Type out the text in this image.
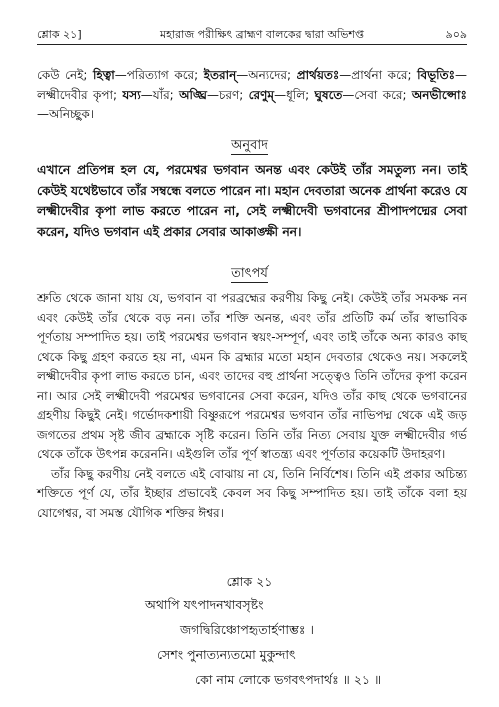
শ্লোক ২১]	মহারাজ পরীক্ষিৎ ব্রাহ্মণ বালকের দ্বারা অভিশপ্ত	৯০৯

কেউ নেই; হিত্বা—পরিত্যাগ করে; ইতরান্‌—অন্যদের; প্রার্থয়তঃ—প্রার্থনা করে; বিভূতিঃ—লক্ষ্মীদেবীর কৃপা; যস্য—যাঁর; অঙ্ঘ্রি—চরণ; রেণুম্—ধূলি; ঘুষতে—সেবা করে; অনভীপ্সোঃ—অনিচ্ছুক।

অনুবাদ

এখানে প্রতিপন্ন হল যে, পরমেশ্বর ভগবান অনন্ত এবং কেউই তাঁর সমতুল্য নন। তাই কেউই যথেষ্টভাবে তাঁর সম্বন্ধে বলতে পারেন না। মহান দেবতারা অনেক প্রার্থনা করেও যে লক্ষ্মীদেবীর কৃপা লাভ করতে পারেন না, সেই লক্ষ্মীদেবী ভগবানের শ্রীপাদপদ্মের সেবা করেন, যদিও ভগবান এই প্রকার সেবার আকাঙ্ক্ষী নন।

তাৎপর্য

শ্রুতি থেকে জানা যায় যে, ভগবান বা পরব্রহ্মের করণীয় কিছু নেই। কেউই তাঁর সমকক্ষ নন এবং কেউই তাঁর থেকে বড় নন। তাঁর শক্তি অনন্ত, এবং তাঁর প্রতিটি কর্ম তাঁর স্বাভাবিক পূর্ণতায় সম্পাদিত হয়। তাই পরমেশ্বর ভগবান স্বয়ং-সম্পূর্ণ, এবং তাই তাঁকে অন্য কারও কাছ থেকে কিছু গ্রহণ করতে হয় না, এমন কি ব্রহ্মার মতো মহান দেবতার থেকেও নয়। সকলেই লক্ষ্মীদেবীর কৃপা লাভ করতে চান, এবং তাদের বহু প্রার্থনা সত্ত্বেও তিনি তাঁদের কৃপা করেন না। আর সেই লক্ষ্মীদেবী পরমেশ্বর ভগবানের সেবা করেন, যদিও তাঁর কাছ থেকে ভগবানের গ্রহণীয় কিছুই নেই। গর্ভোদকশায়ী বিষ্ণুরূপে পরমেশ্বর ভগবান তাঁর নাভিপদ্ম থেকে এই জড় জগতের প্রথম সৃষ্ট জীব ব্রহ্মাকে সৃষ্টি করেন। তিনি তাঁর নিত্য সেবায় যুক্ত লক্ষ্মীদেবীর গর্ভ থেকে তাঁকে উৎপন্ন করেননি। এইগুলি তাঁর পূর্ণ স্বাতন্ত্র্য এবং পূর্ণতার কয়েকটি উদাহরণ।

তাঁর কিছু করণীয় নেই বলতে এই বোঝায় না যে, তিনি নির্বিশেষ। তিনি এই প্রকার অচিন্ত্য শক্তিতে পূর্ণ যে, তাঁর ইচ্ছার প্রভাবেই কেবল সব কিছু সম্পাদিত হয়। তাই তাঁকে বলা হয় যোগেশ্বর, বা সমস্ত যৌগিক শক্তির ঈশ্বর।

শ্লোক ২১
অথাপি যৎপাদনখাবসৃষ্টং
জগদ্বিরিঞ্চোপহৃতার্হণাম্ভঃ ।
সেশং পুনাত্যন্যতমো মুকুন্দাৎ
কো নাম লোকে ভগবৎপদার্থঃ ॥ ২১ ॥
